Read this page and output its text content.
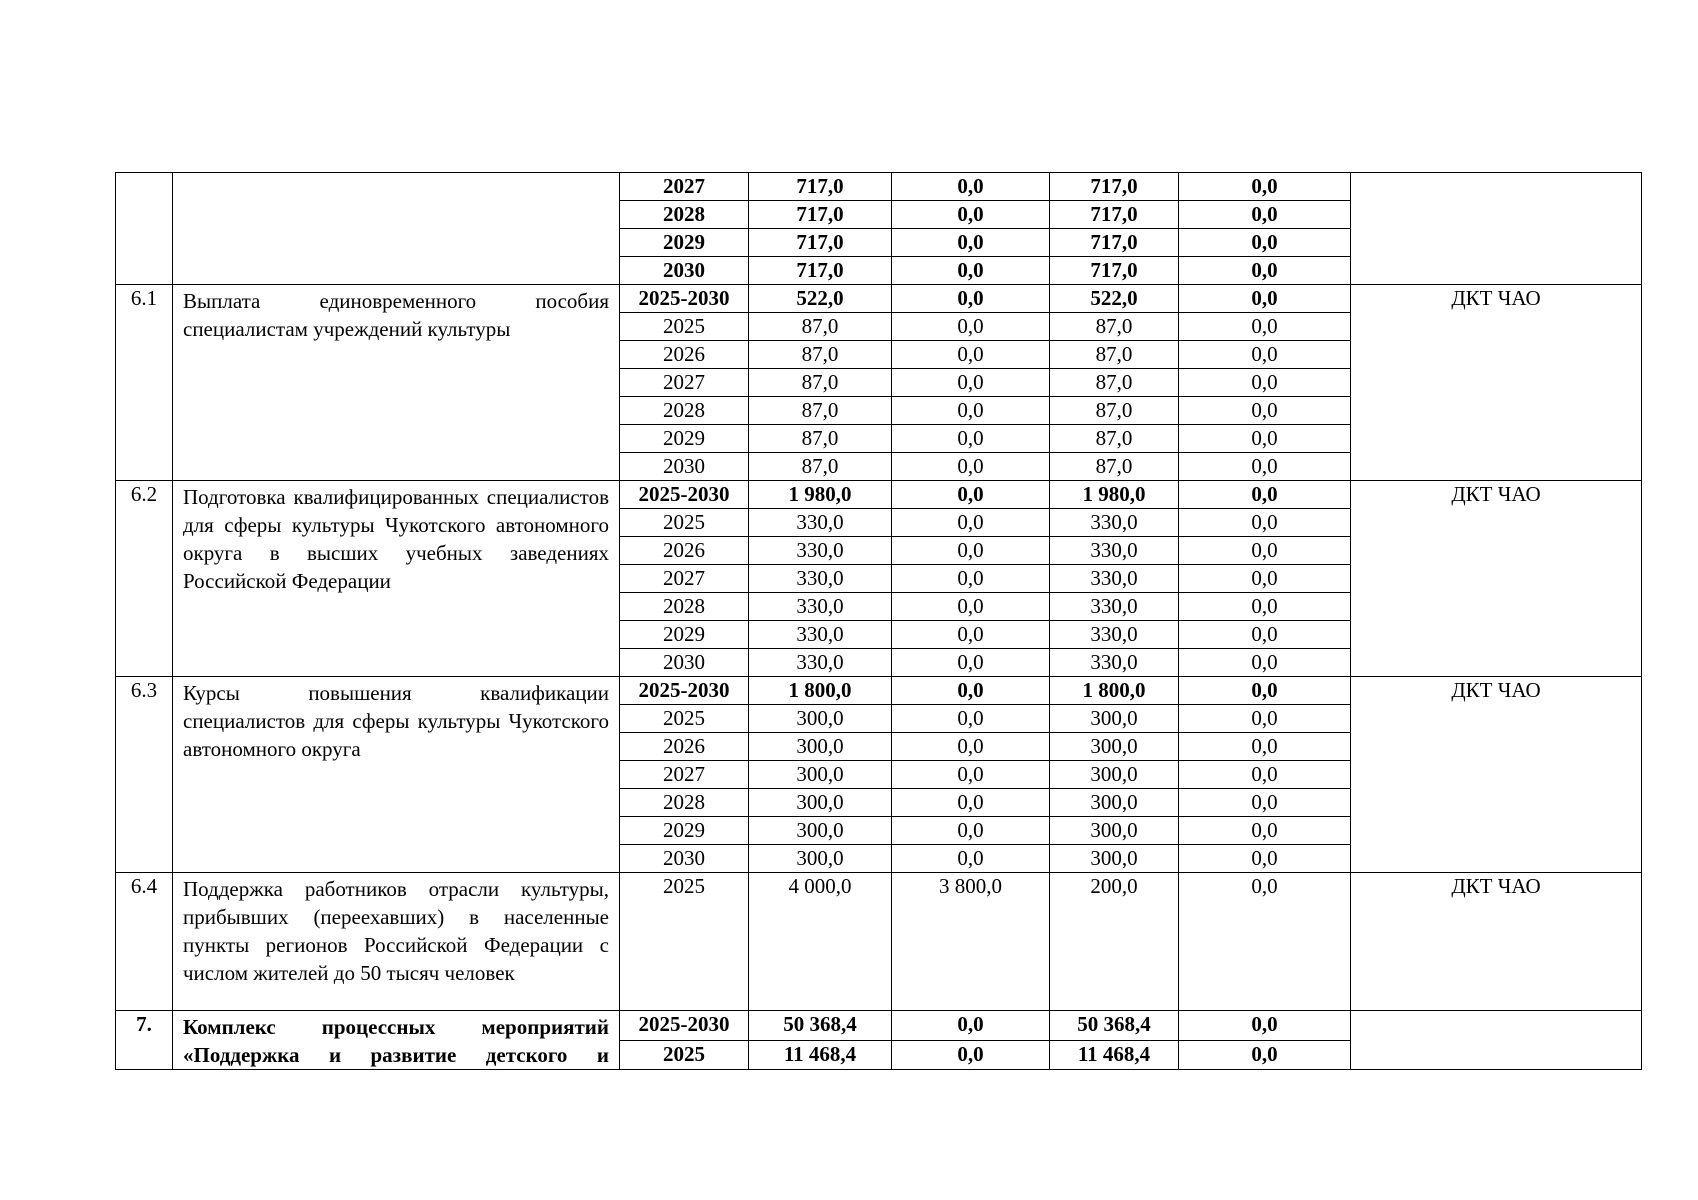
		2027	717,0	0,0	717,0	0,0	
		2028	717,0	0,0	717,0	0,0	
		2029	717,0	0,0	717,0	0,0	
		2030	717,0	0,0	717,0	0,0	
6.1	Выплата единовременного пособия специалистам учреждений культуры	2025-2030	522,0	0,0	522,0	0,0	ДКТ ЧАО
		2025	87,0	0,0	87,0	0,0	
		2026	87,0	0,0	87,0	0,0	
		2027	87,0	0,0	87,0	0,0	
		2028	87,0	0,0	87,0	0,0	
		2029	87,0	0,0	87,0	0,0	
		2030	87,0	0,0	87,0	0,0	
6.2	Подготовка квалифицированных специалистов для сферы культуры Чукотского автономного округа в высших учебных заведениях Российской Федерации	2025-2030	1 980,0	0,0	1 980,0	0,0	ДКТ ЧАО
		2025	330,0	0,0	330,0	0,0	
		2026	330,0	0,0	330,0	0,0	
		2027	330,0	0,0	330,0	0,0	
		2028	330,0	0,0	330,0	0,0	
		2029	330,0	0,0	330,0	0,0	
		2030	330,0	0,0	330,0	0,0	
6.3	Курсы повышения квалификации специалистов для сферы культуры Чукотского автономного округа	2025-2030	1 800,0	0,0	1 800,0	0,0	ДКТ ЧАО
		2025	300,0	0,0	300,0	0,0	
		2026	300,0	0,0	300,0	0,0	
		2027	300,0	0,0	300,0	0,0	
		2028	300,0	0,0	300,0	0,0	
		2029	300,0	0,0	300,0	0,0	
		2030	300,0	0,0	300,0	0,0	
6.4	Поддержка работников отрасли культуры, прибывших (переехавших) в населенные пункты регионов Российской Федерации с числом жителей до 50 тысяч человек	2025	4 000,0	3 800,0	200,0	0,0	ДКТ ЧАО
7.	Комплекс процессных мероприятий «Поддержка и развитие детского и	2025-2030	50 368,4	0,0	50 368,4	0,0	
		2025	11 468,4	0,0	11 468,4	0,0	
